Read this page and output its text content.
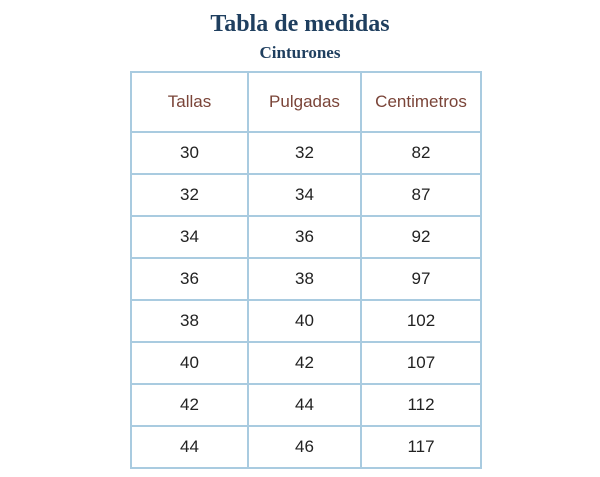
Tabla de medidas
Cinturones
Tallas	Pulgadas	Centimetros
30	32	82
32	34	87
34	36	92
36	38	97
38	40	102
40	42	107
42	44	112
44	46	117
